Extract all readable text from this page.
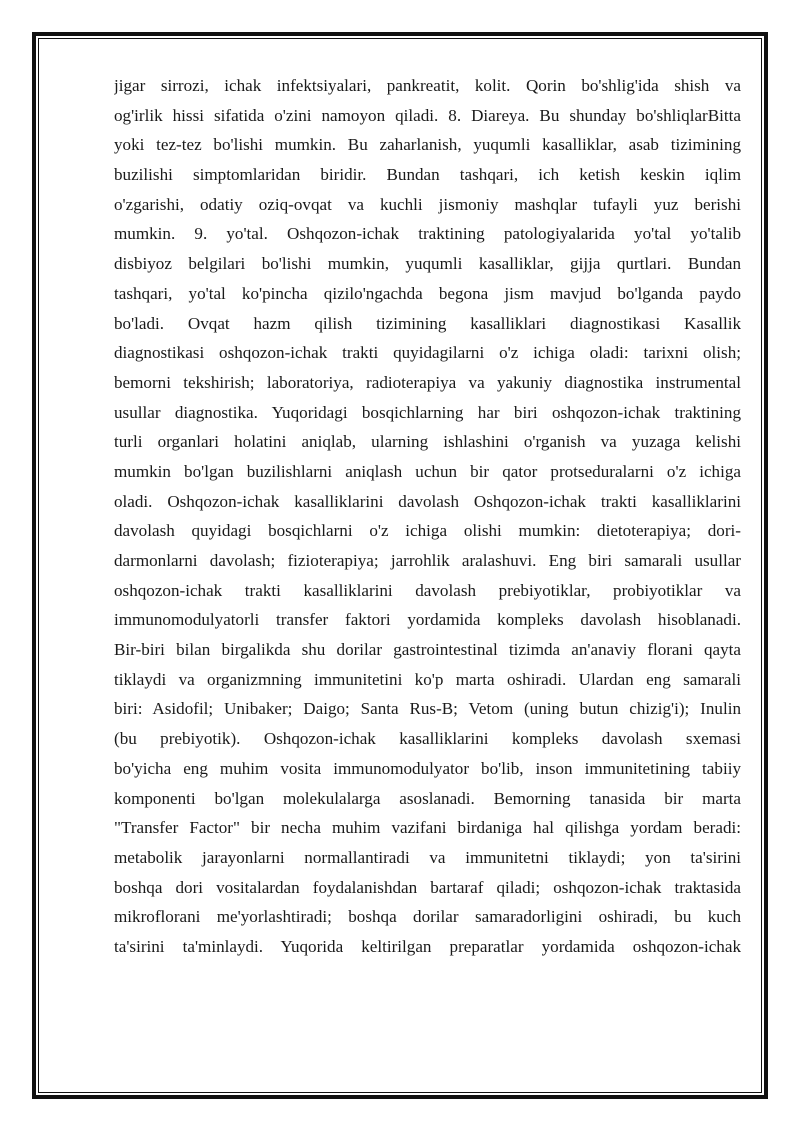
jigar sirrozi, ichak infektsiyalari, pankreatit, kolit. Qorin bo'shlig'ida shish va
og'irlik hissi sifatida o'zini namoyon qiladi. 8. Diareya. Bu shunday bo'shliqlarBitta
yoki tez-tez bo'lishi mumkin. Bu zaharlanish, yuqumli kasalliklar, asab tizimining
buzilishi simptomlaridan biridir. Bundan tashqari, ich ketish keskin iqlim
o'zgarishi, odatiy oziq-ovqat va kuchli jismoniy mashqlar tufayli yuz berishi
mumkin. 9. yo'tal. Oshqozon-ichak traktining patologiyalarida yo'tal yo'talib
disbiyoz belgilari bo'lishi mumkin, yuqumli kasalliklar, gijja qurtlari. Bundan
tashqari, yo'tal ko'pincha qizilo'ngachda begona jism mavjud bo'lganda paydo
bo'ladi. Ovqat hazm qilish tizimining kasalliklari diagnostikasi Kasallik
diagnostikasi oshqozon-ichak trakti quyidagilarni o'z ichiga oladi: tarixni olish;
bemorni tekshirish; laboratoriya, radioterapiya va yakuniy diagnostika instrumental
usullar diagnostika. Yuqoridagi bosqichlarning har biri oshqozon-ichak traktining
turli organlari holatini aniqlab, ularning ishlashini o'rganish va yuzaga kelishi
mumkin bo'lgan buzilishlarni aniqlash uchun bir qator protseduralarni o'z ichiga
oladi. Oshqozon-ichak kasalliklarini davolash Oshqozon-ichak trakti kasalliklarini
davolash quyidagi bosqichlarni o'z ichiga olishi mumkin: dietoterapiya; dori-
darmonlarni davolash; fizioterapiya; jarrohlik aralashuvi. Eng biri samarali usullar
oshqozon-ichak trakti kasalliklarini davolash prebiyotiklar, probiyotiklar va
immunomodulyatorli transfer faktori yordamida kompleks davolash hisoblanadi.
Bir-biri bilan birgalikda shu dorilar gastrointestinal tizimda an'anaviy florani qayta
tiklaydi va organizmning immunitetini ko'p marta oshiradi. Ulardan eng samarali
biri: Asidofil; Unibaker; Daigo; Santa Rus-B; Vetom (uning butun chizig'i); Inulin
(bu prebiyotik). Oshqozon-ichak kasalliklarini kompleks davolash sxemasi
bo'yicha eng muhim vosita immunomodulyator bo'lib, inson immunitetining tabiiy
komponenti bo'lgan molekulalarga asoslanadi. Bemorning tanasida bir marta
"Transfer Factor" bir necha muhim vazifani birdaniga hal qilishga yordam beradi:
metabolik jarayonlarni normallantiradi va immunitetni tiklaydi; yon ta'sirini
boshqa dori vositalardan foydalanishdan bartaraf qiladi; oshqozon-ichak traktasida
mikroflorani me'yorlashtiradi; boshqa dorilar samaradorligini oshiradi, bu kuch
ta'sirini ta'minlaydi. Yuqorida keltirilgan preparatlar yordamida oshqozon-ichak
